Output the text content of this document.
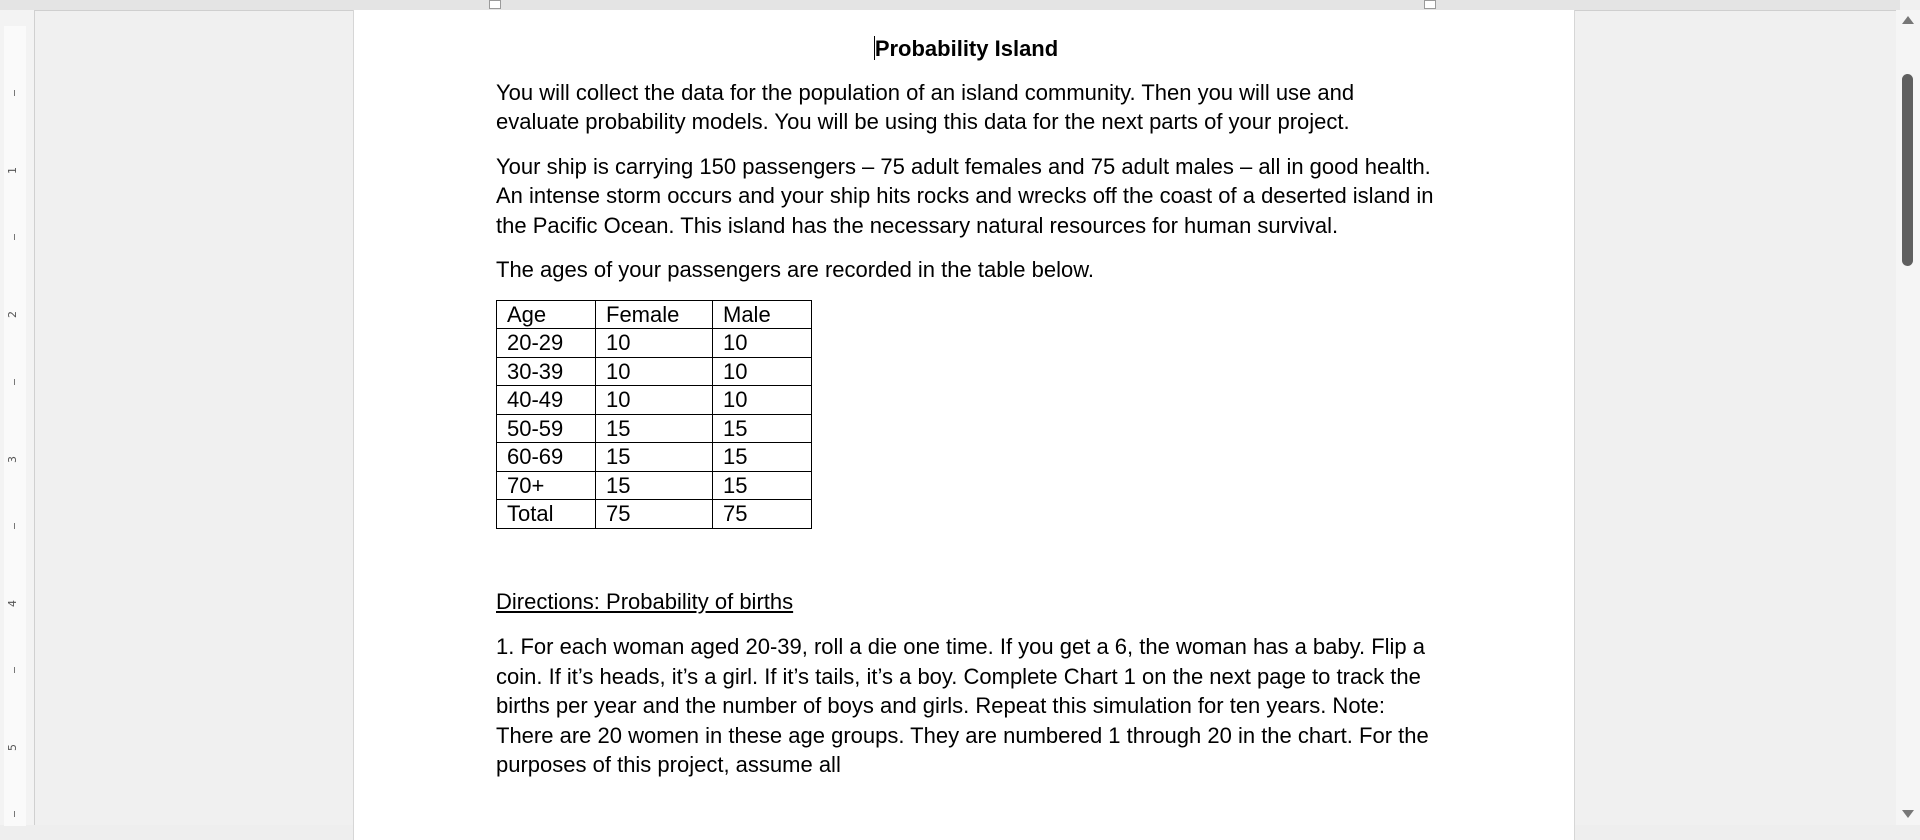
1
2
3
4
5
Probability Island

You will collect the data for the population of an island community. Then you will use and evaluate probability models. You will be using this data for the next parts of your project.

Your ship is carrying 150 passengers – 75 adult females and 75 adult males – all in good health. An intense storm occurs and your ship hits rocks and wrecks off the coast of a deserted island in the Pacific Ocean. This island has the necessary natural resources for human survival.

The ages of your passengers are recorded in the table below.

Age	Female	Male
20-29	10	10
30-39	10	10
40-49	10	10
50-59	15	15
60-69	15	15
70+	15	15
Total	75	75
Directions: Probability of births

1. For each woman aged 20-39, roll a die one time. If you get a 6, the woman has a baby. Flip a coin. If it’s heads, it’s a girl. If it’s tails, it’s a boy. Complete Chart 1 on the next page to track the births per year and the number of boys and girls. Repeat this simulation for ten years. Note: There are 20 women in these age groups. They are numbered 1 through 20 in the chart. For the purposes of this project, assume all
